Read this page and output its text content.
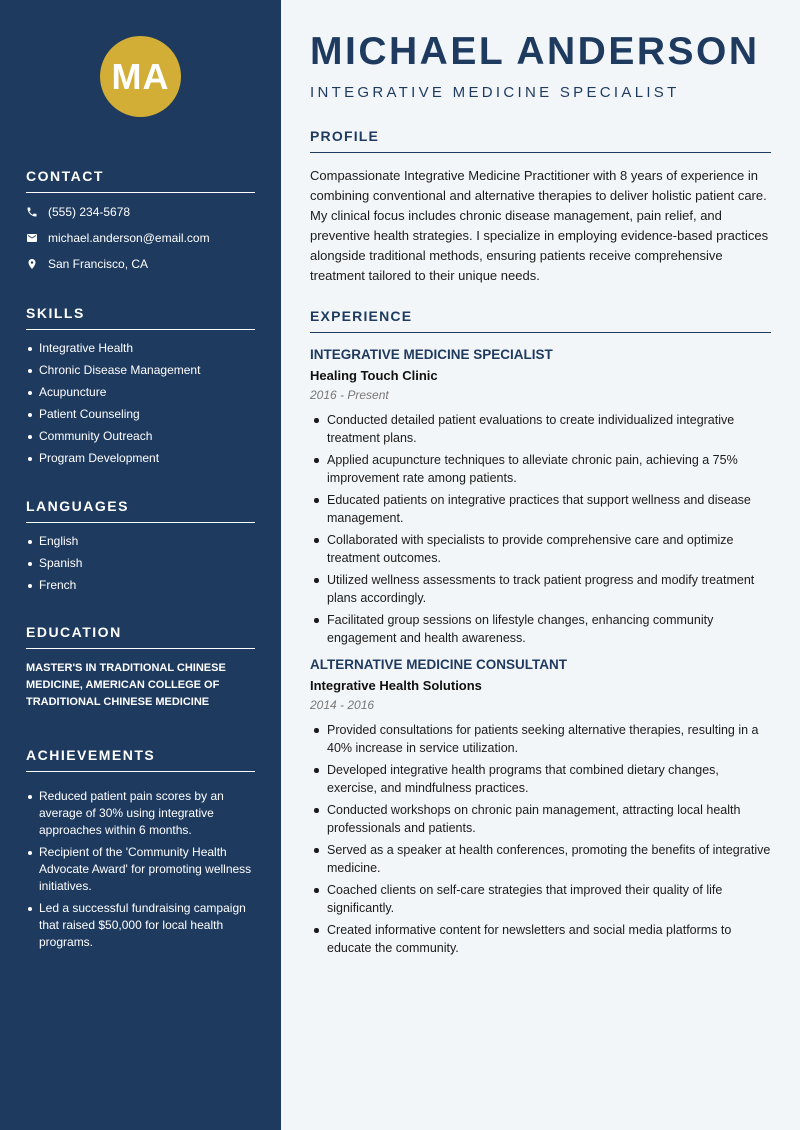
MA
CONTACT
(555) 234-5678
michael.anderson@email.com
San Francisco, CA
SKILLS
Integrative Health
Chronic Disease Management
Acupuncture
Patient Counseling
Community Outreach
Program Development
LANGUAGES
English
Spanish
French
EDUCATION
MASTER'S IN TRADITIONAL CHINESE MEDICINE, AMERICAN COLLEGE OF TRADITIONAL CHINESE MEDICINE
ACHIEVEMENTS
Reduced patient pain scores by an average of 30% using integrative approaches within 6 months.
Recipient of the 'Community Health Advocate Award' for promoting wellness initiatives.
Led a successful fundraising campaign that raised $50,000 for local health programs.
MICHAEL ANDERSON
INTEGRATIVE MEDICINE SPECIALIST
PROFILE

Compassionate Integrative Medicine Practitioner with 8 years of experience in combining conventional and alternative therapies to deliver holistic patient care. My clinical focus includes chronic disease management, pain relief, and preventive health strategies. I specialize in employing evidence-based practices alongside traditional methods, ensuring patients receive comprehensive treatment tailored to their unique needs.

EXPERIENCE
INTEGRATIVE MEDICINE SPECIALIST
Healing Touch Clinic
2016 - Present
Conducted detailed patient evaluations to create individualized integrative treatment plans.
Applied acupuncture techniques to alleviate chronic pain, achieving a 75% improvement rate among patients.
Educated patients on integrative practices that support wellness and disease management.
Collaborated with specialists to provide comprehensive care and optimize treatment outcomes.
Utilized wellness assessments to track patient progress and modify treatment plans accordingly.
Facilitated group sessions on lifestyle changes, enhancing community engagement and health awareness.
ALTERNATIVE MEDICINE CONSULTANT
Integrative Health Solutions
2014 - 2016
Provided consultations for patients seeking alternative therapies, resulting in a 40% increase in service utilization.
Developed integrative health programs that combined dietary changes, exercise, and mindfulness practices.
Conducted workshops on chronic pain management, attracting local health professionals and patients.
Served as a speaker at health conferences, promoting the benefits of integrative medicine.
Coached clients on self-care strategies that improved their quality of life significantly.
Created informative content for newsletters and social media platforms to educate the community.
